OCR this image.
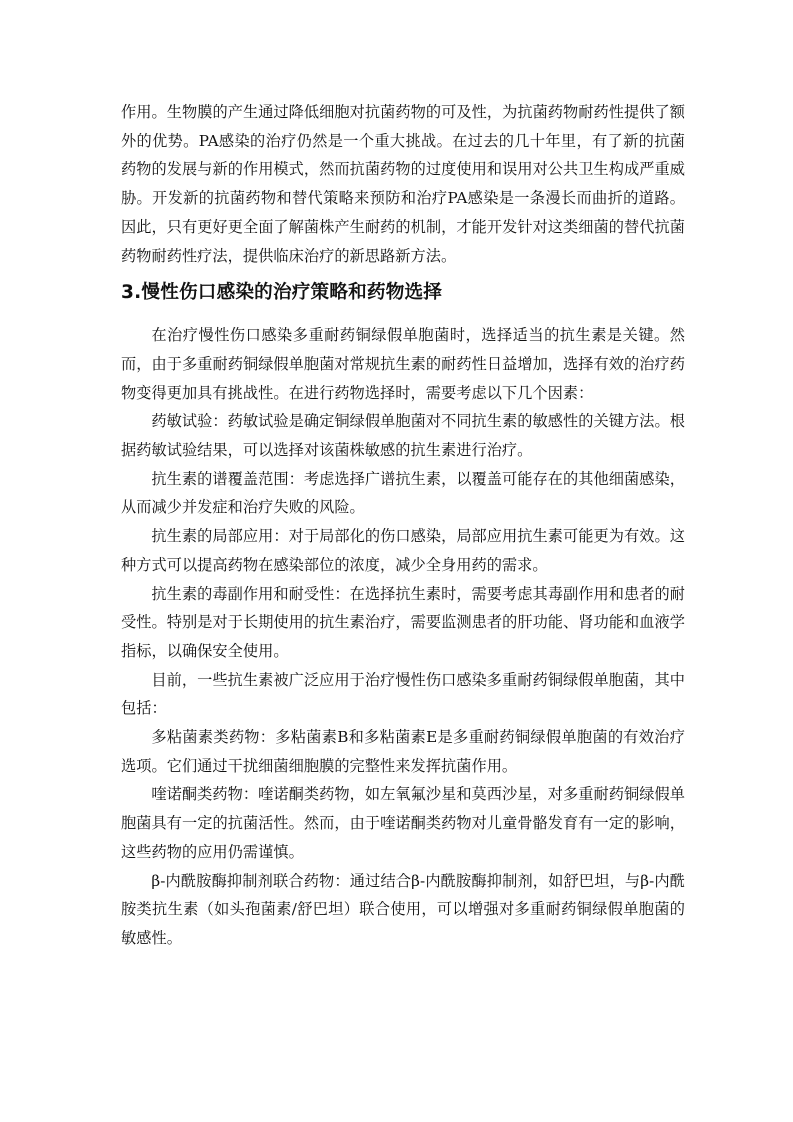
作用。生物膜的产生通过降低细胞对抗菌药物的可及性，为抗菌药物耐药性提供了额外的优势。PA感染的治疗仍然是一个重大挑战。在过去的几十年里，有了新的抗菌药物的发展与新的作用模式，然而抗菌药物的过度使用和误用对公共卫生构成严重威胁。开发新的抗菌药物和替代策略来预防和治疗PA感染是一条漫长而曲折的道路。因此，只有更好更全面了解菌株产生耐药的机制，才能开发针对这类细菌的替代抗菌药物耐药性疗法，提供临床治疗的新思路新方法。

3.慢性伤口感染的治疗策略和药物选择

在治疗慢性伤口感染多重耐药铜绿假单胞菌时，选择适当的抗生素是关键。然而，由于多重耐药铜绿假单胞菌对常规抗生素的耐药性日益增加，选择有效的治疗药物变得更加具有挑战性。在进行药物选择时，需要考虑以下几个因素：

药敏试验：药敏试验是确定铜绿假单胞菌对不同抗生素的敏感性的关键方法。根据药敏试验结果，可以选择对该菌株敏感的抗生素进行治疗。

抗生素的谱覆盖范围：考虑选择广谱抗生素，以覆盖可能存在的其他细菌感染，从而减少并发症和治疗失败的风险。

抗生素的局部应用：对于局部化的伤口感染，局部应用抗生素可能更为有效。这种方式可以提高药物在感染部位的浓度，减少全身用药的需求。

抗生素的毒副作用和耐受性：在选择抗生素时，需要考虑其毒副作用和患者的耐受性。特别是对于长期使用的抗生素治疗，需要监测患者的肝功能、肾功能和血液学指标，以确保安全使用。

目前，一些抗生素被广泛应用于治疗慢性伤口感染多重耐药铜绿假单胞菌，其中包括：

多粘菌素类药物：多粘菌素B和多粘菌素E是多重耐药铜绿假单胞菌的有效治疗选项。它们通过干扰细菌细胞膜的完整性来发挥抗菌作用。

喹诺酮类药物：喹诺酮类药物，如左氧氟沙星和莫西沙星，对多重耐药铜绿假单胞菌具有一定的抗菌活性。然而，由于喹诺酮类药物对儿童骨骼发育有一定的影响，这些药物的应用仍需谨慎。

β-内酰胺酶抑制剂联合药物：通过结合β-内酰胺酶抑制剂，如舒巴坦，与β-内酰胺类抗生素（如头孢菌素/舒巴坦）联合使用，可以增强对多重耐药铜绿假单胞菌的敏感性。
